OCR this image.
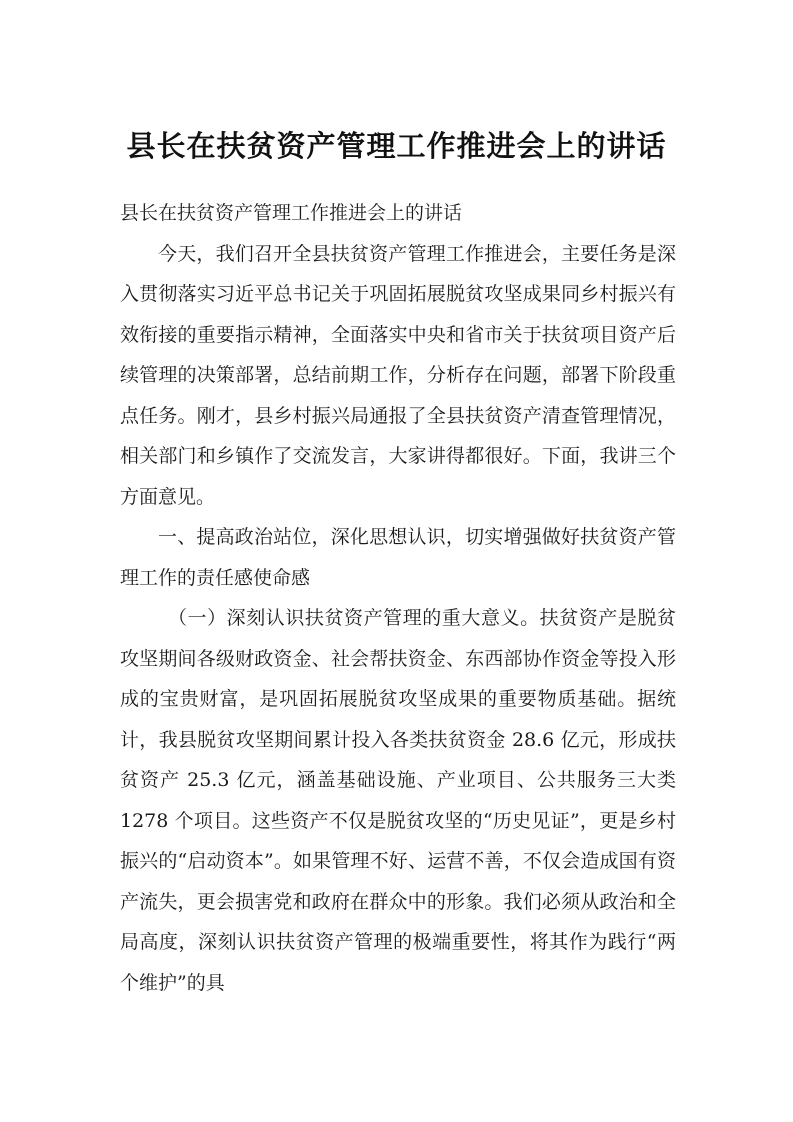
县长在扶贫资产管理工作推进会上的讲话

县长在扶贫资产管理工作推进会上的讲话

今天，我们召开全县扶贫资产管理工作推进会，主要任务是深入贯彻落实习近平总书记关于巩固拓展脱贫攻坚成果同乡村振兴有效衔接的重要指示精神，全面落实中央和省市关于扶贫项目资产后续管理的决策部署，总结前期工作，分析存在问题，部署下阶段重点任务。刚才，县乡村振兴局通报了全县扶贫资产清查管理情况，相关部门和乡镇作了交流发言，大家讲得都很好。下面，我讲三个方面意见。

一、提高政治站位，深化思想认识，切实增强做好扶贫资产管理工作的责任感使命感

（一）深刻认识扶贫资产管理的重大意义。扶贫资产是脱贫攻坚期间各级财政资金、社会帮扶资金、东西部协作资金等投入形成的宝贵财富，是巩固拓展脱贫攻坚成果的重要物质基础。据统计，我县脱贫攻坚期间累计投入各类扶贫资金 28.6 亿元，形成扶贫资产 25.3 亿元，涵盖基础设施、产业项目、公共服务三大类 1278 个项目。这些资产不仅是脱贫攻坚的“历史见证”，更是乡村振兴的“启动资本”。如果管理不好、运营不善，不仅会造成国有资产流失，更会损害党和政府在群众中的形象。我们必须从政治和全局高度，深刻认识扶贫资产管理的极端重要性，将其作为践行“两个维护”的具
